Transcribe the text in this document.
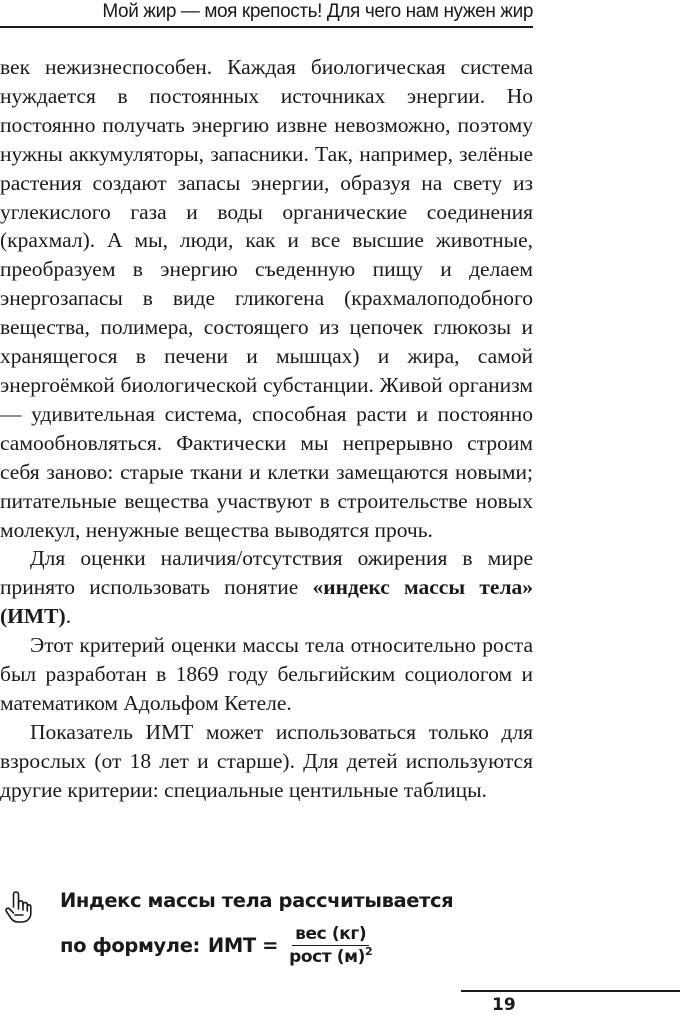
Мой жир — моя крепость! Для чего нам нужен жир

век нежизнеспособен. Каждая биологическая система нуждается в постоянных источниках энергии. Но постоянно получать энергию извне невозможно, поэтому нужны аккумуляторы, запасники. Так, например, зелёные растения создают запасы энергии, образуя на свету из углекислого газа и воды органические соединения (крахмал). А мы, люди, как и все высшие животные, преобразуем в энергию съеденную пищу и делаем энергозапасы в виде гликогена (крахмалоподобного вещества, полимера, состоящего из цепочек глюкозы и хранящегося в печени и мышцах) и жира, самой энергоёмкой биологической субстанции. Живой организм — удивительная система, способная расти и постоянно самообновляться. Фактически мы непрерывно строим себя заново: старые ткани и клетки замещаются новыми; питательные вещества участвуют в строительстве новых молекул, ненужные вещества выводятся прочь.

Для оценки наличия/отсутствия ожирения в мире принято использовать понятие «индекс массы тела» (ИМТ).

Этот критерий оценки массы тела относительно роста был разработан в 1869 году бельгийским социологом и математиком Адольфом Кетеле.

Показатель ИМТ может использоваться только для взрослых (от 18 лет и старше). Для детей используются другие критерии: специальные центильные таблицы.

Индекс массы тела рассчитывается
по формуле: ИМТ = $\frac{\text{вес (кг)}}{рост (м)^2}$
19
